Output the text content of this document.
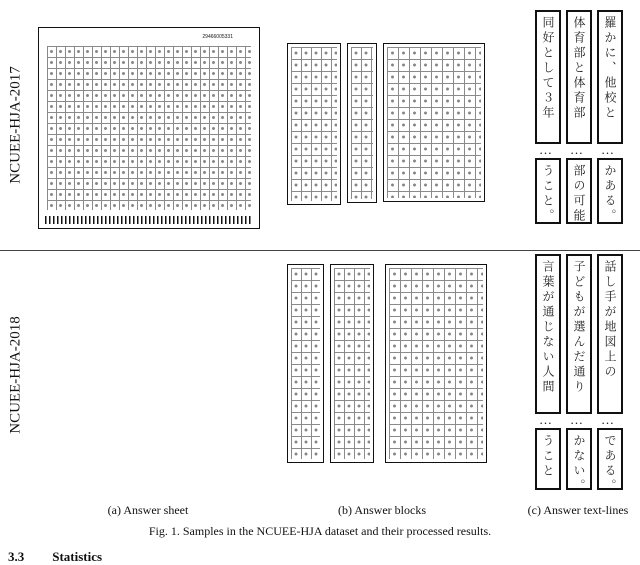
NCUEE-HJA-2017
NCUEE-HJA-2018
29466005331	同好として３年 体育部と体育部 羅かに、他校と
… … …
うこと。 部の可能 かある。
言葉が通じない人間 子どもが選んだ通り 話し手が地図上の
… … …
うこと かない。 である。
(a) Answer sheet	(b) Answer blocks	(c) Answer text-lines
Fig. 1. Samples in the NCUEE-HJA dataset and their processed results.
3.3 Statistics
